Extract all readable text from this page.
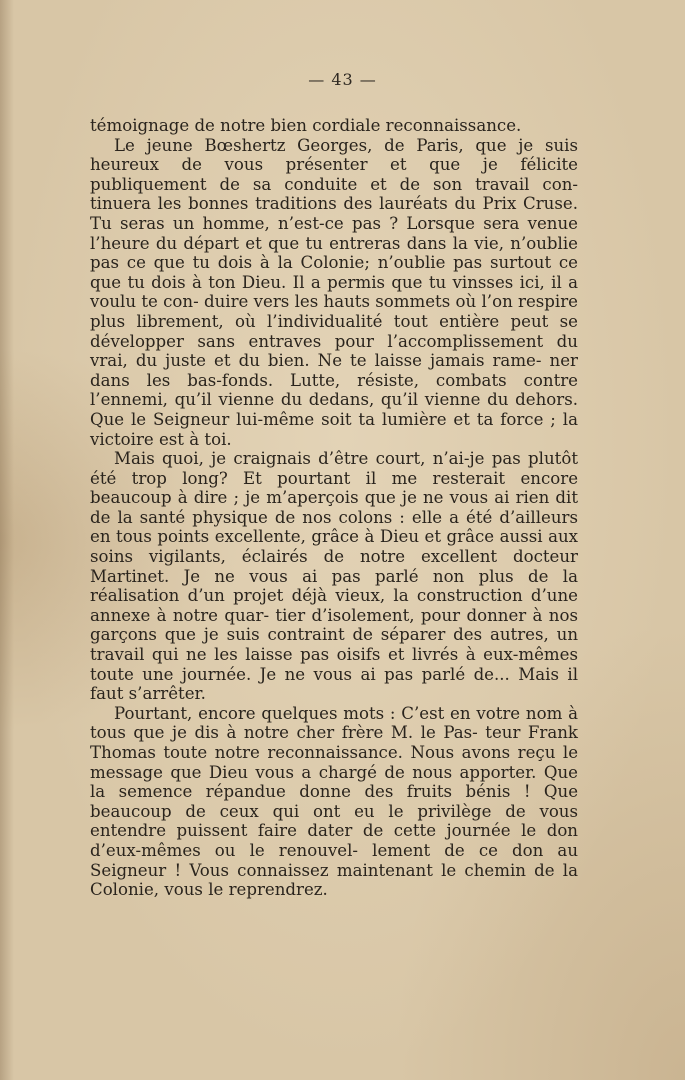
— 43 —

témoignage de notre bien cordiale reconnaissance.

Le jeune Bœshertz Georges, de Paris, que je suis heureux de vous présenter et que je félicite publiquement de sa conduite et de son travail con- tinuera les bonnes traditions des lauréats du Prix Cruse. Tu seras un homme, n’est-ce pas ? Lorsque sera venue l’heure du départ et que tu entreras dans la vie, n’oublie pas ce que tu dois à la Colonie; n’oublie pas surtout ce que tu dois à ton Dieu. Il a permis que tu vinsses ici, il a voulu te con- duire vers les hauts sommets où l’on respire plus librement, où l’individualité tout entière peut se développer sans entraves pour l’accomplissement du vrai, du juste et du bien. Ne te laisse jamais rame- ner dans les bas-fonds. Lutte, résiste, combats contre l’ennemi, qu’il vienne du dedans, qu’il vienne du dehors. Que le Seigneur lui-même soit ta lumière et ta force ; la victoire est à toi.

Mais quoi, je craignais d’être court, n’ai-je pas plutôt été trop long? Et pourtant il me resterait encore beaucoup à dire ; je m’aperçois que je ne vous ai rien dit de la santé physique de nos colons : elle a été d’ailleurs en tous points excellente, grâce à Dieu et grâce aussi aux soins vigilants, éclairés de notre excellent docteur Martinet. Je ne vous ai pas parlé non plus de la réalisation d’un projet déjà vieux, la construction d’une annexe à notre quar- tier d’isolement, pour donner à nos garçons que je suis contraint de séparer des autres, un travail qui ne les laisse pas oisifs et livrés à eux-mêmes toute une journée. Je ne vous ai pas parlé de... Mais il faut s’arrêter.

Pourtant, encore quelques mots : C’est en votre nom à tous que je dis à notre cher frère M. le Pas- teur Frank Thomas toute notre reconnaissance. Nous avons reçu le message que Dieu vous a chargé de nous apporter. Que la semence répandue donne des fruits bénis ! Que beaucoup de ceux qui ont eu le privilège de vous entendre puissent faire dater de cette journée le don d’eux-mêmes ou le renouvel- lement de ce don au Seigneur ! Vous connaissez maintenant le chemin de la Colonie, vous le reprendrez.
